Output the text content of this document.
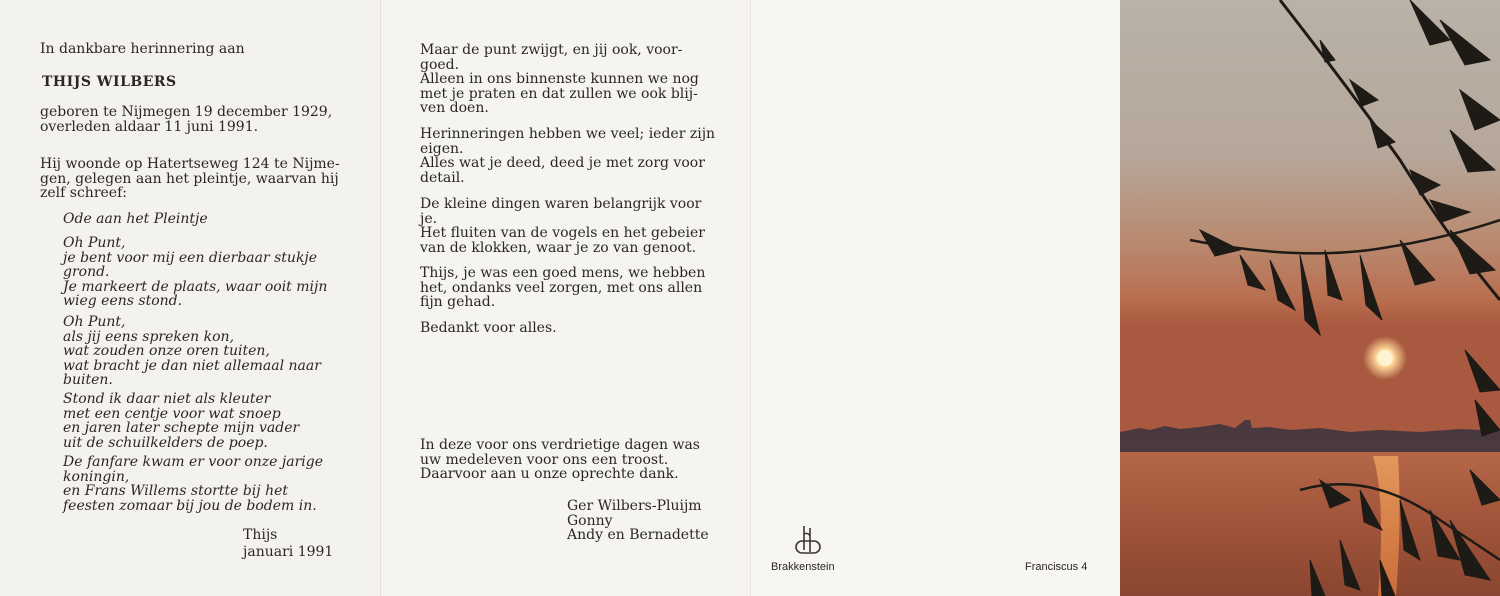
In dankbare herinnering aan
THIJS WILBERS
geboren te Nijmegen 19 december 1929,
overleden aldaar 11 juni 1991.
Hij woonde op Hatertseweg 124 te Nijme-
gen, gelegen aan het pleintje, waarvan hij
zelf schreef:
Ode aan het Pleintje
Oh Punt,
je bent voor mij een dierbaar stukje
grond.
Je markeert de plaats, waar ooit mijn
wieg eens stond.
Oh Punt,
als jij eens spreken kon,
wat zouden onze oren tuiten,
wat bracht je dan niet allemaal naar
buiten.
Stond ik daar niet als kleuter
met een centje voor wat snoep
en jaren later schepte mijn vader
uit de schuilkelders de poep.
De fanfare kwam er voor onze jarige
koningin,
en Frans Willems stortte bij het
feesten zomaar bij jou de bodem in.
Thijs
januari 1991
Maar de punt zwijgt, en jij ook, voor-
goed.
Alleen in ons binnenste kunnen we nog
met je praten en dat zullen we ook blij-
ven doen.
Herinneringen hebben we veel; ieder zijn
eigen.
Alles wat je deed, deed je met zorg voor
detail.
De kleine dingen waren belangrijk voor
je.
Het fluiten van de vogels en het gebeier
van de klokken, waar je zo van genoot.
Thijs, je was een goed mens, we hebben
het, ondanks veel zorgen, met ons allen
fijn gehad.
Bedankt voor alles.
In deze voor ons verdrietige dagen was
uw medeleven voor ons een troost.
Daarvoor aan u onze oprechte dank.
Ger Wilbers-Pluijm
Gonny
Andy en Bernadette
Brakkenstein	Franciscus 4
